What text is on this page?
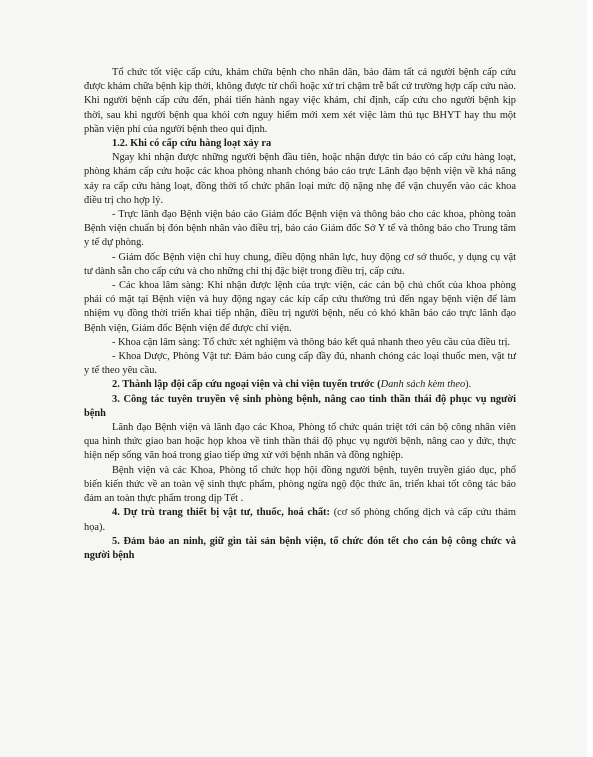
Tổ chức tốt việc cấp cứu, khám chữa bệnh cho nhân dân, bảo đảm tất cả người bệnh cấp cứu được khám chữa bệnh kịp thời, không được từ chối hoặc xử trí chậm trễ bất cứ trường hợp cấp cứu nào. Khi người bệnh cấp cứu đến, phải tiến hành ngay việc khám, chỉ định, cấp cứu cho người bệnh kịp thời, sau khi người bệnh qua khỏi cơn nguy hiểm mới xem xét việc làm thủ tục BHYT hay thu một phần viện phí của người bệnh theo qui định.

1.2. Khi có cấp cứu hàng loạt xảy ra

Ngay khi nhận được những người bệnh đầu tiên, hoặc nhận được tin báo có cấp cứu hàng loạt, phòng khám cấp cứu hoặc các khoa phòng nhanh chóng báo cáo trực Lãnh đạo bệnh viện về khả năng xảy ra cấp cứu hàng loạt, đồng thời tổ chức phân loại mức độ nặng nhẹ để vận chuyển vào các khoa điều trị cho hợp lý.

- Trực lãnh đạo Bệnh viện báo cáo Giám đốc Bệnh viện và thông báo cho các khoa, phòng toàn Bệnh viện chuẩn bị đón bệnh nhân vào điều trị, báo cáo Giám đốc Sở Y tế và thông báo cho Trung tâm y tế dự phòng.

- Giám đốc Bệnh viện chỉ huy chung, điều động nhân lực, huy động cơ sở thuốc, y dụng cụ vật tư dành sẵn cho cấp cứu và cho những chỉ thị đặc biệt trong điều trị, cấp cứu.

- Các khoa lâm sàng: Khi nhận được lệnh của trực viện, các cán bộ chủ chốt của khoa phòng phải có mặt tại Bệnh viện và huy động ngay các kíp cấp cứu thường trú đến ngay bệnh viện để làm nhiệm vụ đồng thời triển khai tiếp nhận, điều trị người bệnh, nếu có khó khăn báo cáo trực lãnh đạo Bệnh viện, Giám đốc Bệnh viện để được chỉ viện.

- Khoa cận lâm sàng: Tổ chức xét nghiệm và thông báo kết quả nhanh theo yêu cầu của điều trị.

- Khoa Dược, Phòng Vật tư: Đảm bảo cung cấp đầy đủ, nhanh chóng các loại thuốc men, vật tư y tế theo yêu cầu.

2. Thành lập đội cấp cứu ngoại viện và chi viện tuyến trước (Danh sách kèm theo).

3. Công tác tuyên truyền vệ sinh phòng bệnh, nâng cao tinh thần thái độ phục vụ người bệnh

Lãnh đạo Bệnh viện và lãnh đạo các Khoa, Phòng tổ chức quán triệt tới cán bộ công nhân viên qua hình thức giao ban hoặc họp khoa về tinh thần thái độ phục vụ người bệnh, nâng cao y đức, thực hiện nếp sống văn hoá trong giao tiếp ứng xử với bệnh nhân và đồng nghiệp.

Bệnh viện và các Khoa, Phòng tổ chức họp hội đồng người bệnh, tuyên truyền giáo dục, phổ biến kiến thức về an toàn vệ sinh thực phẩm, phòng ngừa ngộ độc thức ăn, triển khai tốt công tác bảo đảm an toàn thực phẩm trong dịp Tết .

4. Dự trù trang thiết bị vật tư, thuốc, hoá chất: (cơ số phòng chống dịch và cấp cứu thảm họa).

5. Đảm bảo an ninh, giữ gìn tài sản bệnh viện, tổ chức đón tết cho cán bộ công chức và người bệnh
